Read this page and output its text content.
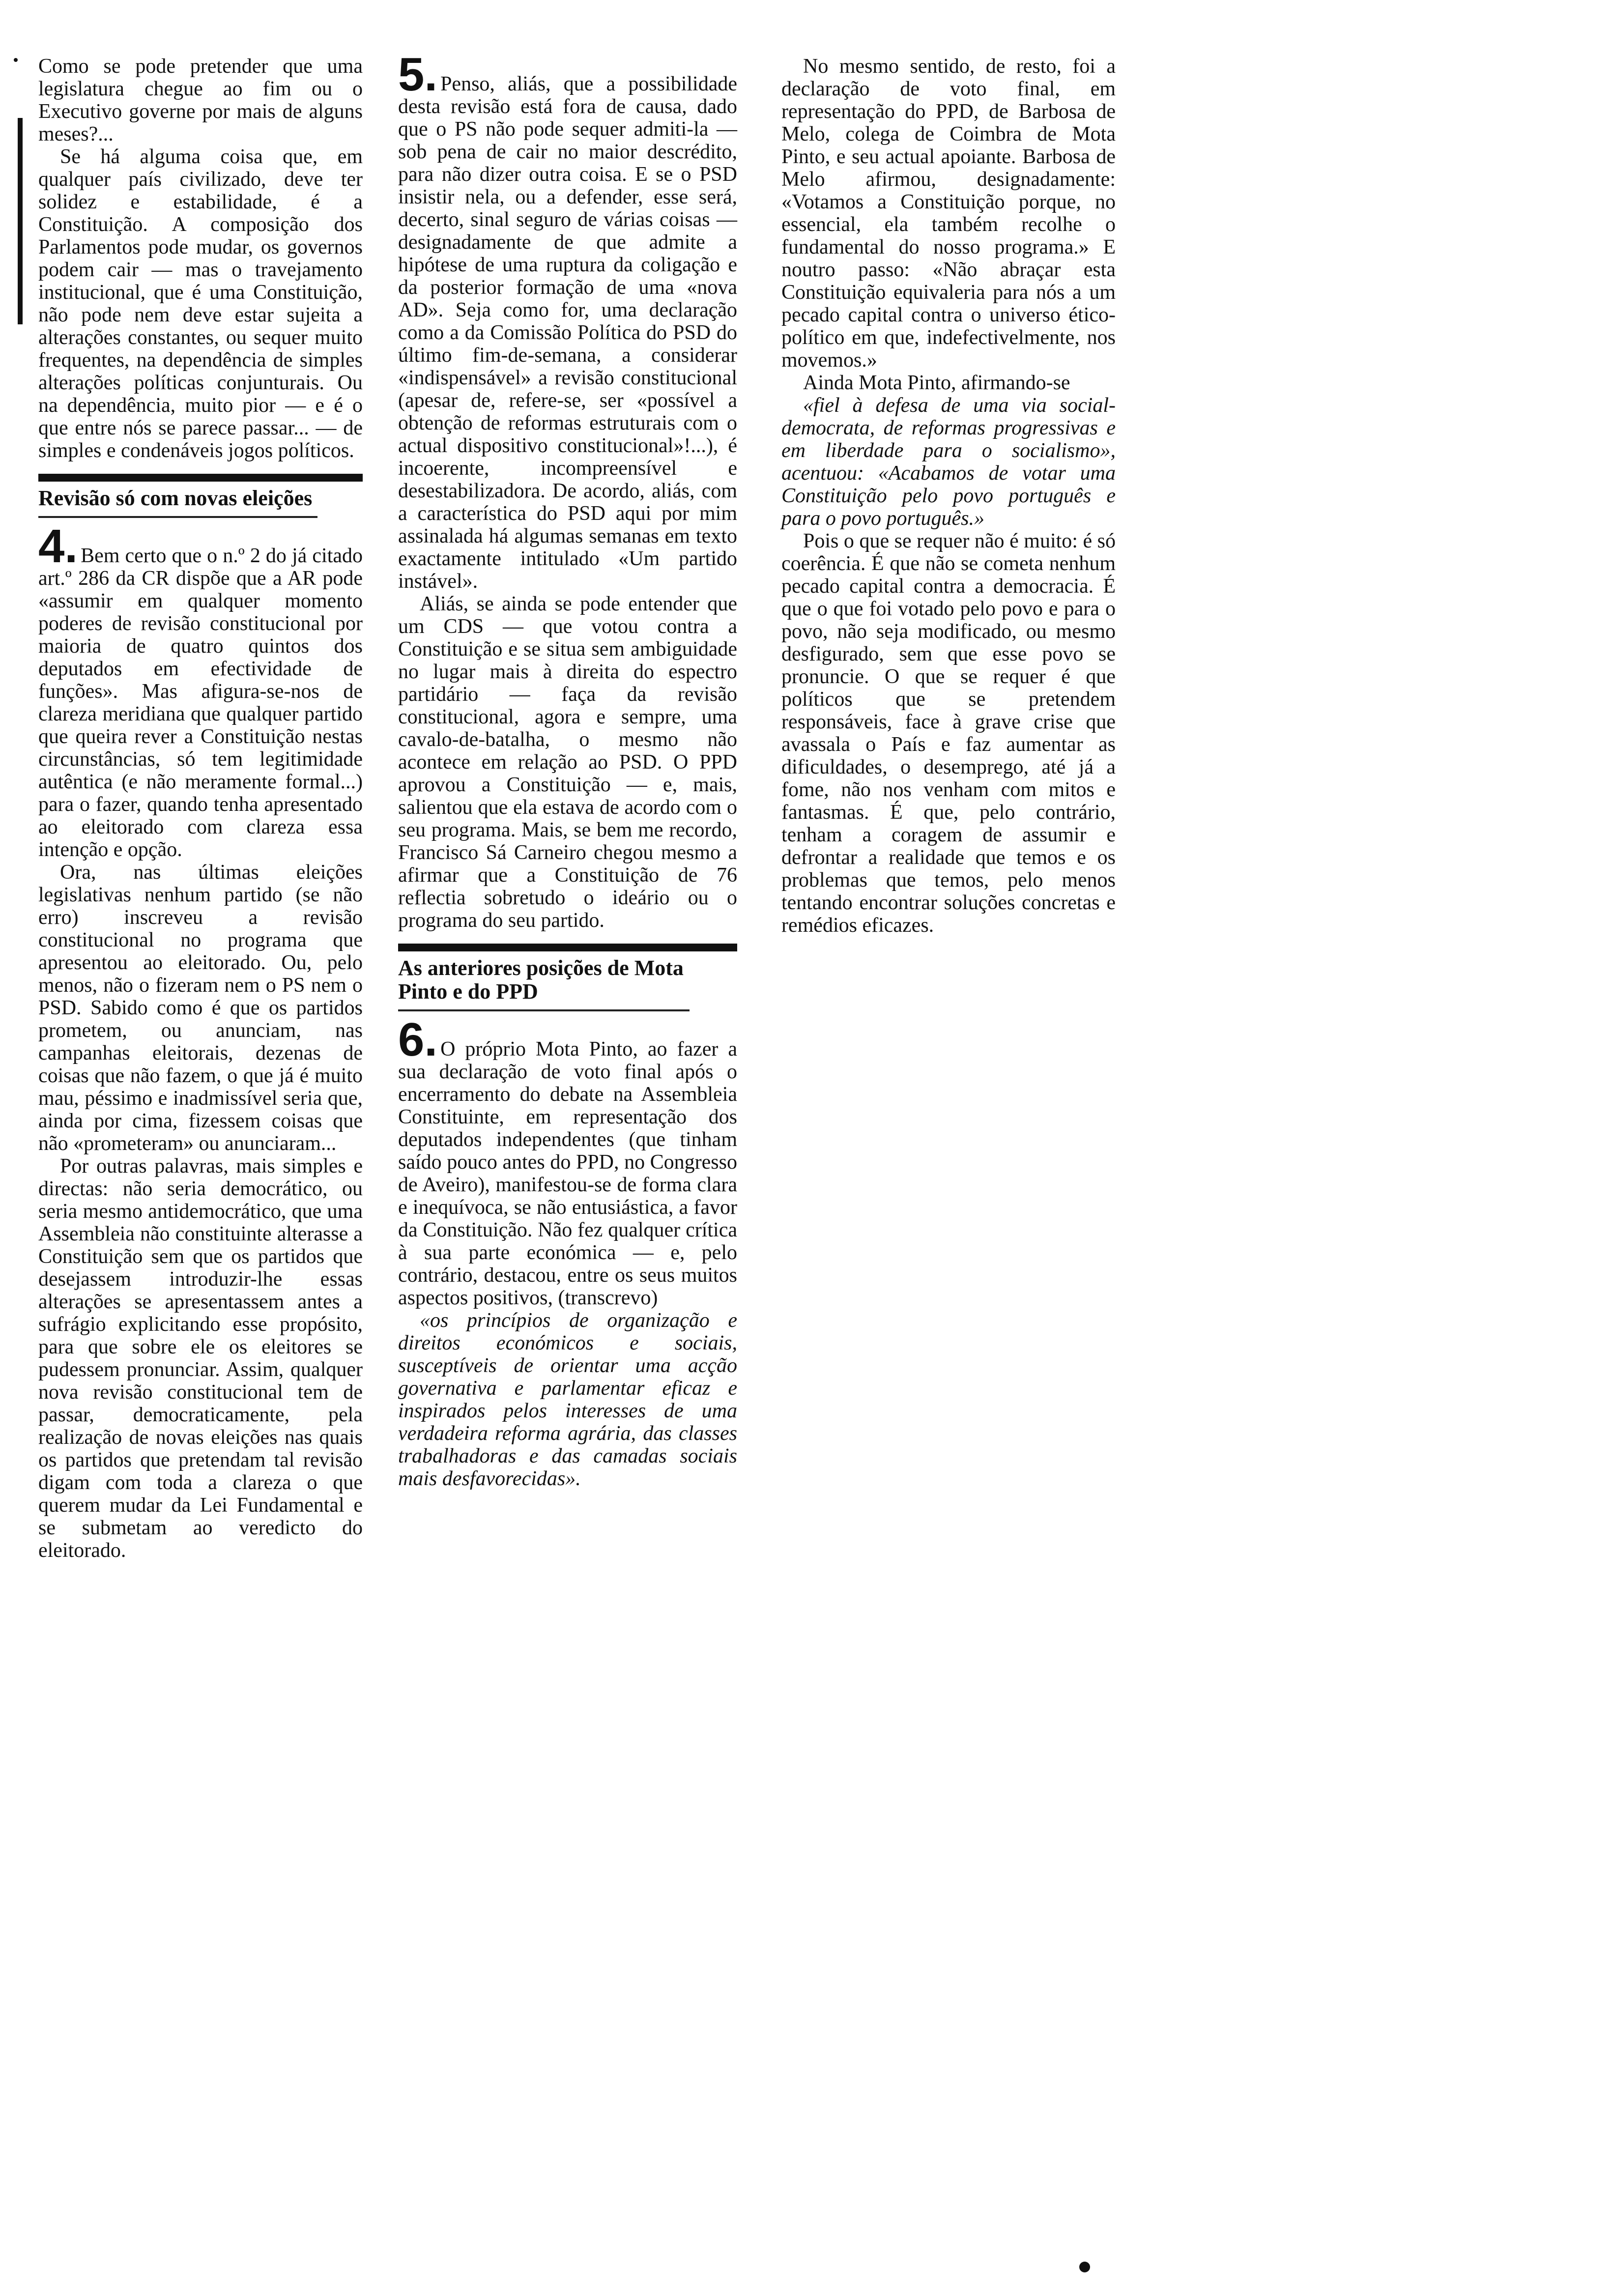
Como se pode pretender que uma legislatura chegue ao fim ou o Executivo governe por mais de alguns meses?...

Se há alguma coisa que, em qualquer país civilizado, deve ter solidez e estabilidade, é a Constituição. A composição dos Parlamentos pode mudar, os governos podem cair — mas o travejamento institucional, que é uma Constituição, não pode nem deve estar sujeita a alterações constantes, ou sequer muito frequentes, na dependência de simples alterações políticas conjunturais. Ou na dependência, muito pior — e é o que entre nós se parece passar... — de simples e condenáveis jogos políticos.

Revisão só com novas eleições

4. Bem certo que o n.º 2 do já citado art.º 286 da CR dispõe que a AR pode «assumir em qualquer momento poderes de revisão constitucional por maioria de quatro quintos dos deputados em efectividade de funções». Mas afigura-se-nos de clareza meridiana que qualquer partido que queira rever a Constituição nestas circunstâncias, só tem legitimidade autêntica (e não meramente formal...) para o fazer, quando tenha apresentado ao eleitorado com clareza essa intenção e opção.

Ora, nas últimas eleições legislativas nenhum partido (se não erro) inscreveu a revisão constitucional no programa que apresentou ao eleitorado. Ou, pelo menos, não o fizeram nem o PS nem o PSD. Sabido como é que os partidos prometem, ou anunciam, nas campanhas eleitorais, dezenas de coisas que não fazem, o que já é muito mau, péssimo e inadmissível seria que, ainda por cima, fizessem coisas que não «prometeram» ou anunciaram...

Por outras palavras, mais simples e directas: não seria democrático, ou seria mesmo antidemocrático, que uma Assembleia não constituinte alterasse a Constituição sem que os partidos que desejassem introduzir-lhe essas alterações se apresentassem antes a sufrágio explicitando esse propósito, para que sobre ele os eleitores se pudessem pronunciar. Assim, qualquer nova revisão constitucional tem de passar, democraticamente, pela realização de novas eleições nas quais os partidos que pretendam tal revisão digam com toda a clareza o que querem mudar da Lei Fundamental e se submetam ao veredicto do eleitorado.

5. Penso, aliás, que a possibilidade desta revisão está fora de causa, dado que o PS não pode sequer admiti-la — sob pena de cair no maior descrédito, para não dizer outra coisa. E se o PSD insistir nela, ou a defender, esse será, decerto, sinal seguro de várias coisas — designadamente de que admite a hipótese de uma ruptura da coligação e da posterior formação de uma «nova AD». Seja como for, uma declaração como a da Comissão Política do PSD do último fim-de-semana, a considerar «indispensável» a revisão constitucional (apesar de, refere-se, ser «possível a obtenção de reformas estruturais com o actual dispositivo constitucional»!...), é incoerente, incompreensível e desestabilizadora. De acordo, aliás, com a característica do PSD aqui por mim assinalada há algumas semanas em texto exactamente intitulado «Um partido instável».

Aliás, se ainda se pode entender que um CDS — que votou contra a Constituição e se situa sem ambiguidade no lugar mais à direita do espectro partidário — faça da revisão constitucional, agora e sempre, uma cavalo-de-batalha, o mesmo não acontece em relação ao PSD. O PPD aprovou a Constituição — e, mais, salientou que ela estava de acordo com o seu programa. Mais, se bem me recordo, Francisco Sá Carneiro chegou mesmo a afirmar que a Constituição de 76 reflectia sobretudo o ideário ou o programa do seu partido.

As anteriores posições de Mota Pinto e do PPD

6. O próprio Mota Pinto, ao fazer a sua declaração de voto final após o encerramento do debate na Assembleia Constituinte, em representação dos deputados independentes (que tinham saído pouco antes do PPD, no Congresso de Aveiro), manifestou-se de forma clara e inequívoca, se não entusiástica, a favor da Constituição. Não fez qualquer crítica à sua parte económica — e, pelo contrário, destacou, entre os seus muitos aspectos positivos, (transcrevo)

«os princípios de organização e direitos económicos e sociais, susceptíveis de orientar uma acção governativa e parlamentar eficaz e inspirados pelos interesses de uma verdadeira reforma agrária, das classes trabalhadoras e das camadas sociais mais desfavorecidas».

No mesmo sentido, de resto, foi a declaração de voto final, em representação do PPD, de Barbosa de Melo, colega de Coimbra de Mota Pinto, e seu actual apoiante. Barbosa de Melo afirmou, designadamente: «Votamos a Constituição porque, no essencial, ela também recolhe o fundamental do nosso programa.» E noutro passo: «Não abraçar esta Constituição equivaleria para nós a um pecado capital contra o universo ético-político em que, indefectivelmente, nos movemos.»

Ainda Mota Pinto, afirmando-se

«fiel à defesa de uma via social-democrata, de reformas progressivas e em liberdade para o socialismo», acentuou: «Acabamos de votar uma Constituição pelo povo português e para o povo português.»

Pois o que se requer não é muito: é só coerência. É que não se cometa nenhum pecado capital contra a democracia. É que o que foi votado pelo povo e para o povo, não seja modificado, ou mesmo desfigurado, sem que esse povo se pronuncie. O que se requer é que políticos que se pretendem responsáveis, face à grave crise que avassala o País e faz aumentar as dificuldades, o desemprego, até já a fome, não nos venham com mitos e fantasmas. É que, pelo contrário, tenham a coragem de assumir e defrontar a realidade que temos e os problemas que temos, pelo menos tentando encontrar soluções concretas e remédios eficazes.
